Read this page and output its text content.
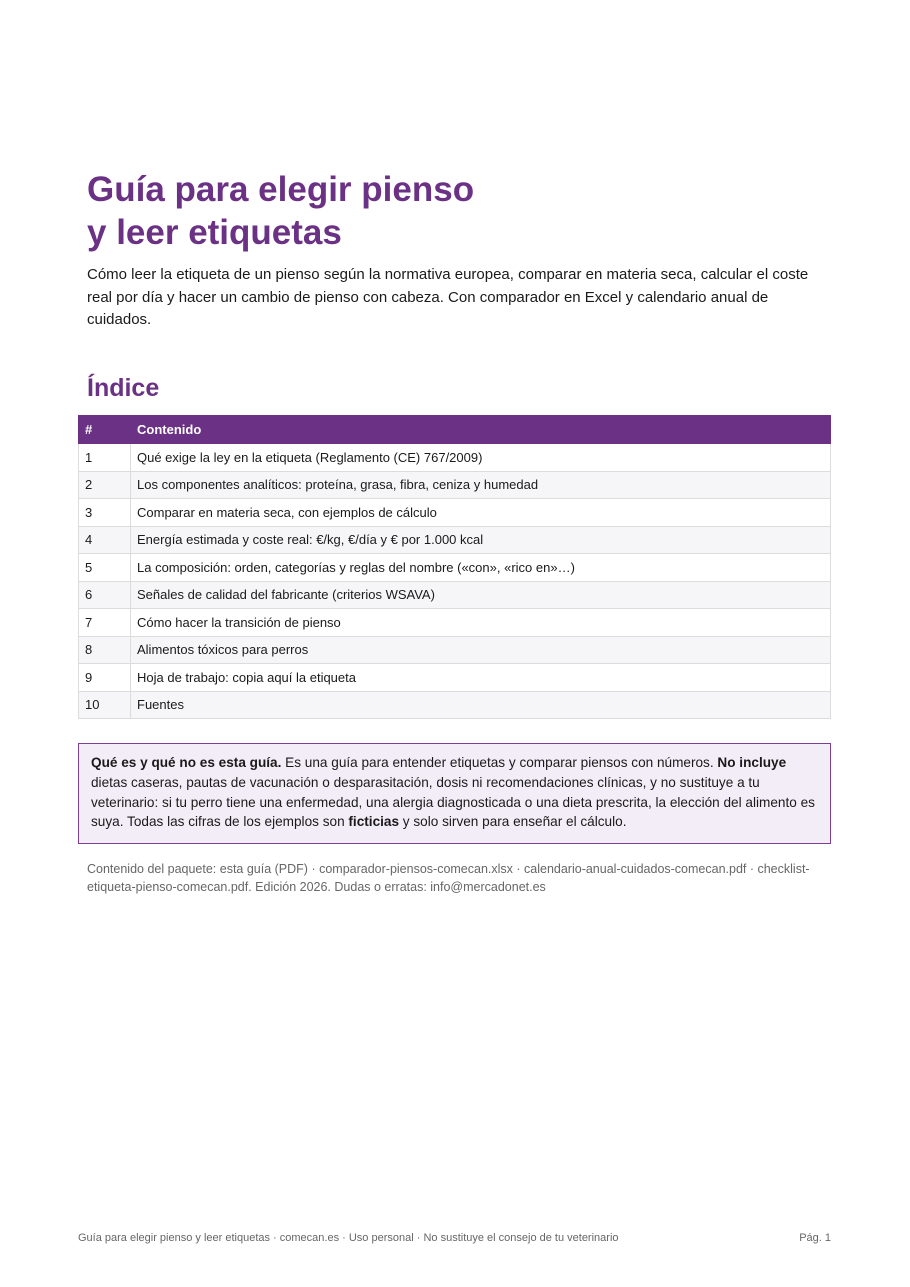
Guía para elegir pienso
y leer etiquetas

Cómo leer la etiqueta de un pienso según la normativa europea, comparar en materia seca, calcular el coste real por día y hacer un cambio de pienso con cabeza. Con comparador en Excel y calendario anual de cuidados.

Índice
#	Contenido
1	Qué exige la ley en la etiqueta (Reglamento (CE) 767/2009)
2	Los componentes analíticos: proteína, grasa, fibra, ceniza y humedad
3	Comparar en materia seca, con ejemplos de cálculo
4	Energía estimada y coste real: €/kg, €/día y € por 1.000 kcal
5	La composición: orden, categorías y reglas del nombre («con», «rico en»…)
6	Señales de calidad del fabricante (criterios WSAVA)
7	Cómo hacer la transición de pienso
8	Alimentos tóxicos para perros
9	Hoja de trabajo: copia aquí la etiqueta
10	Fuentes
Qué es y qué no es esta guía. Es una guía para entender etiquetas y comparar piensos con números. No incluye dietas caseras, pautas de vacunación o desparasitación, dosis ni recomendaciones clínicas, y no sustituye a tu veterinario: si tu perro tiene una enfermedad, una alergia diagnosticada o una dieta prescrita, la elección del alimento es suya. Todas las cifras de los ejemplos son ficticias y solo sirven para enseñar el cálculo.

Contenido del paquete: esta guía (PDF) · comparador-piensos-comecan.xlsx · calendario-anual-cuidados-comecan.pdf · checklist-etiqueta-pienso-comecan.pdf. Edición 2026. Dudas o erratas: info@mercadonet.es

Guía para elegir pienso y leer etiquetas · comecan.es · Uso personal · No sustituye el consejo de tu veterinario	Pág. 1
